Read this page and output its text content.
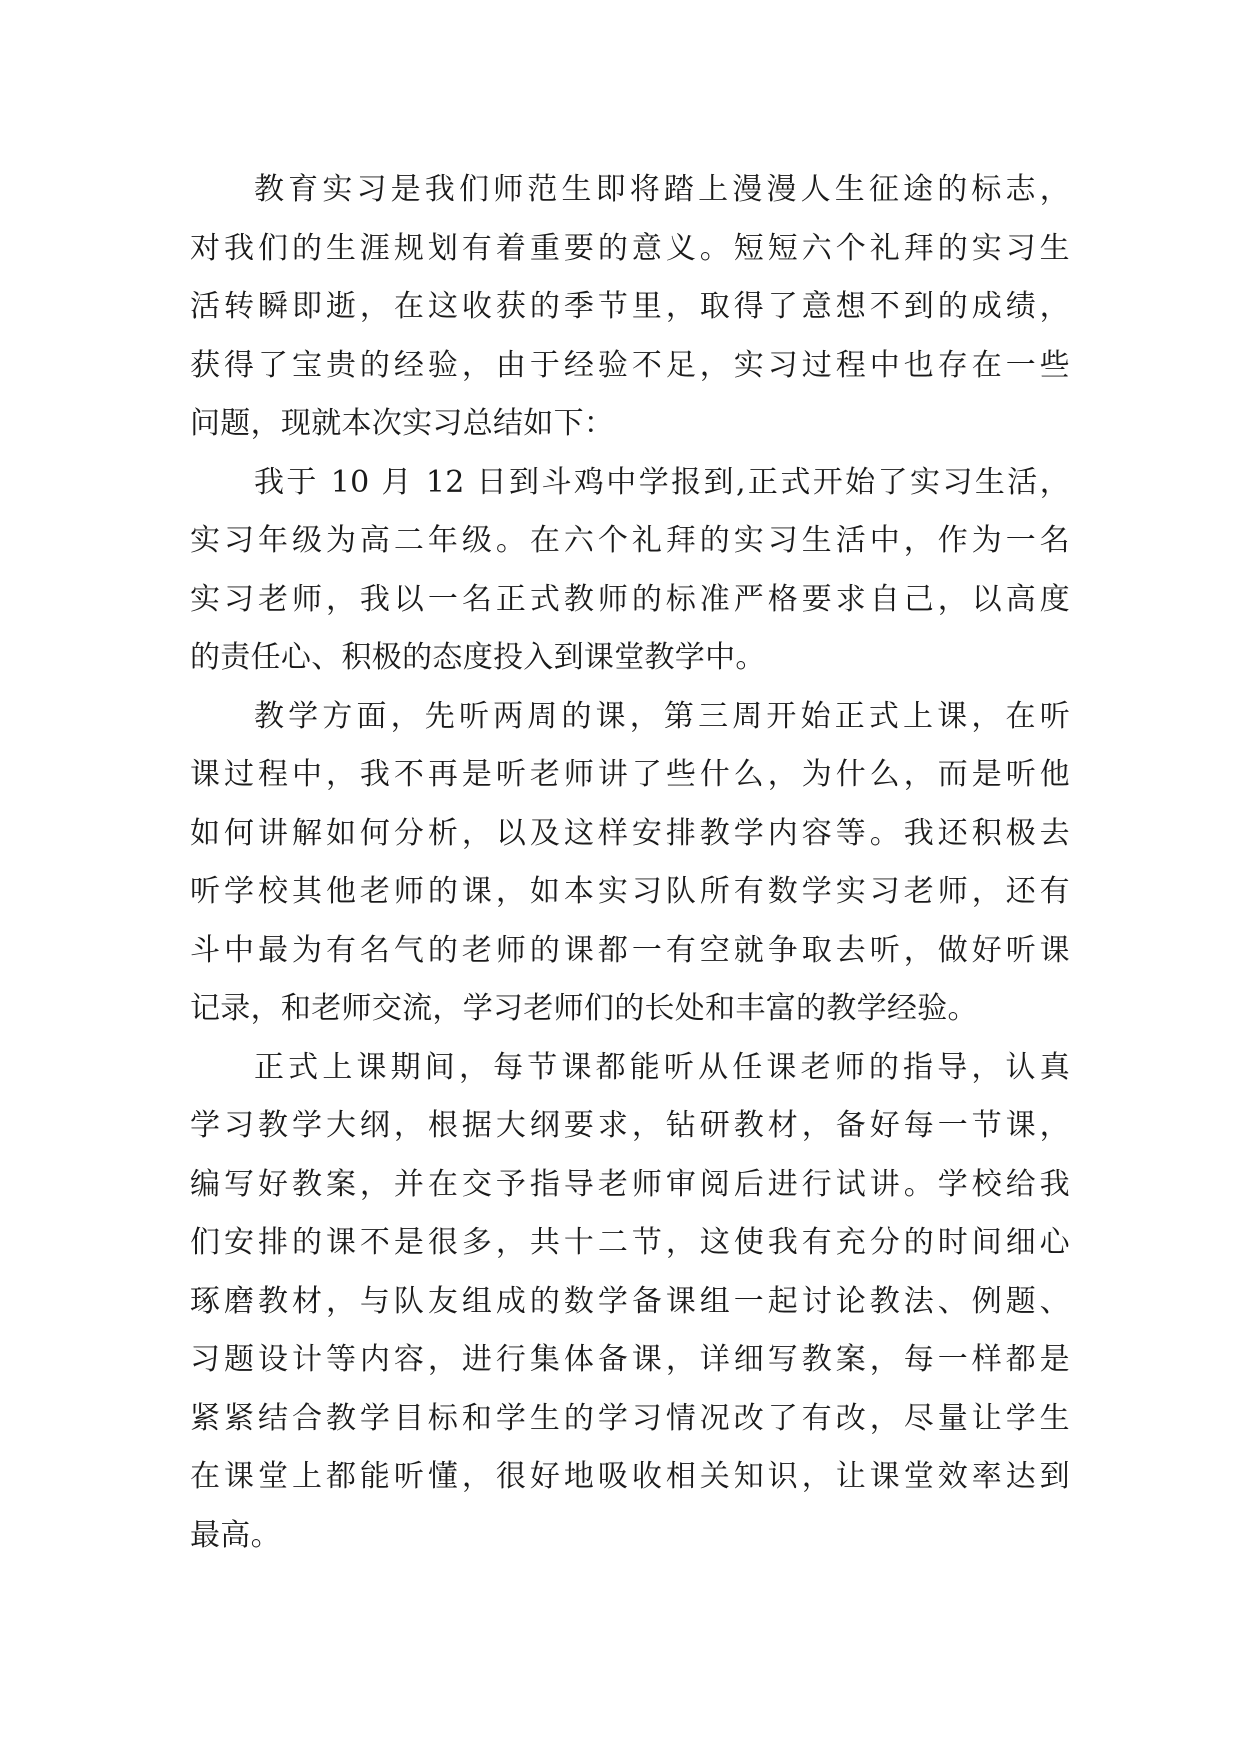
教育实习是我们师范生即将踏上漫漫人生征途的标志，
对我们的生涯规划有着重要的意义。短短六个礼拜的实习生
活转瞬即逝，在这收获的季节里，取得了意想不到的成绩，
获得了宝贵的经验，由于经验不足，实习过程中也存在一些
问题，现就本次实习总结如下：
我于 10 月 12 日到斗鸡中学报到,正式开始了实习生活，
实习年级为高二年级。在六个礼拜的实习生活中，作为一名
实习老师，我以一名正式教师的标准严格要求自己，以高度
的责任心、积极的态度投入到课堂教学中。
教学方面，先听两周的课，第三周开始正式上课，在听
课过程中，我不再是听老师讲了些什么，为什么，而是听他
如何讲解如何分析，以及这样安排教学内容等。我还积极去
听学校其他老师的课，如本实习队所有数学实习老师，还有
斗中最为有名气的老师的课都一有空就争取去听，做好听课
记录，和老师交流，学习老师们的长处和丰富的教学经验。
正式上课期间，每节课都能听从任课老师的指导，认真
学习教学大纲，根据大纲要求，钻研教材，备好每一节课，
编写好教案，并在交予指导老师审阅后进行试讲。学校给我
们安排的课不是很多，共十二节，这使我有充分的时间细心
琢磨教材，与队友组成的数学备课组一起讨论教法、例题、
习题设计等内容，进行集体备课，详细写教案，每一样都是
紧紧结合教学目标和学生的学习情况改了有改，尽量让学生
在课堂上都能听懂，很好地吸收相关知识，让课堂效率达到
最高。
